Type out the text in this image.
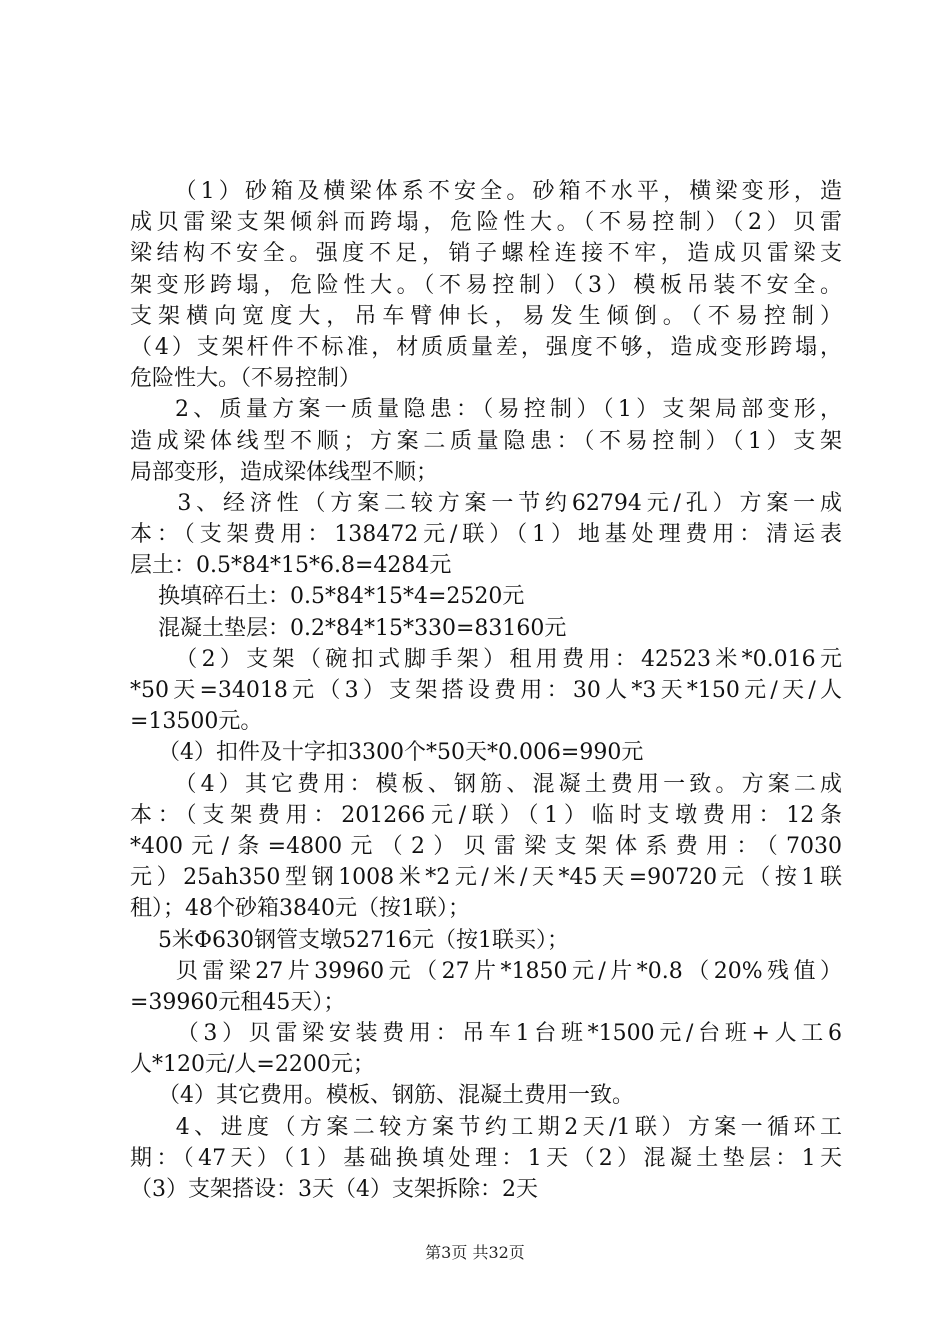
（1）砂箱及横梁体系不安全。砂箱不水平，横梁变形，造
成贝雷梁支架倾斜而跨塌，危险性大。（不易控制）（2）贝雷
梁结构不安全。强度不足，销子螺栓连接不牢，造成贝雷梁支
架变形跨塌，危险性大。（不易控制）（3）模板吊装不安全。
支架横向宽度大，吊车臂伸长，易发生倾倒。（不易控制）
（4）支架杆件不标准，材质质量差，强度不够，造成变形跨塌，
危险性大。（不易控制）
2、质量方案一质量隐患：（易控制）（1）支架局部变形，
造成梁体线型不顺；方案二质量隐患：（不易控制）（1）支架
局部变形，造成梁体线型不顺；
3、经济性（方案二较方案一节约62794元/孔）方案一成
本：（支架费用：138472元/联）（1）地基处理费用：清运表
层土：0.5*84*15*6.8=4284元
换填碎石土：0.5*84*15*4=2520元
混凝土垫层：0.2*84*15*330=83160元
（2）支架（碗扣式脚手架）租用费用：42523米*0.016元
*50天=34018元（3）支架搭设费用：30人*3天*150元/天/人
=13500元。
（4）扣件及十字扣3300个*50天*0.006=990元
（4）其它费用：模板、钢筋、混凝土费用一致。方案二成
本：（支架费用：201266元/联）（1）临时支墩费用：12条
*400元/条=4800元（2）贝雷梁支架体系费用：（7030
元）25ah350型钢1008米*2元/米/天*45天=90720元（按1联
租）；48个砂箱3840元（按1联）；
5米Φ630钢管支墩52716元（按1联买）；
贝雷梁27片39960元（27片*1850元/片*0.8（20%残值）
=39960元租45天）；
（3）贝雷梁安装费用：吊车1台班*1500元/台班+人工6
人*120元/人=2200元；
（4）其它费用。模板、钢筋、混凝土费用一致。
4、进度（方案二较方案节约工期2天/1联）方案一循环工
期：（47天）（1）基础换填处理：1天（2）混凝土垫层：1天
（3）支架搭设：3天（4）支架拆除：2天
第3页 共32页
